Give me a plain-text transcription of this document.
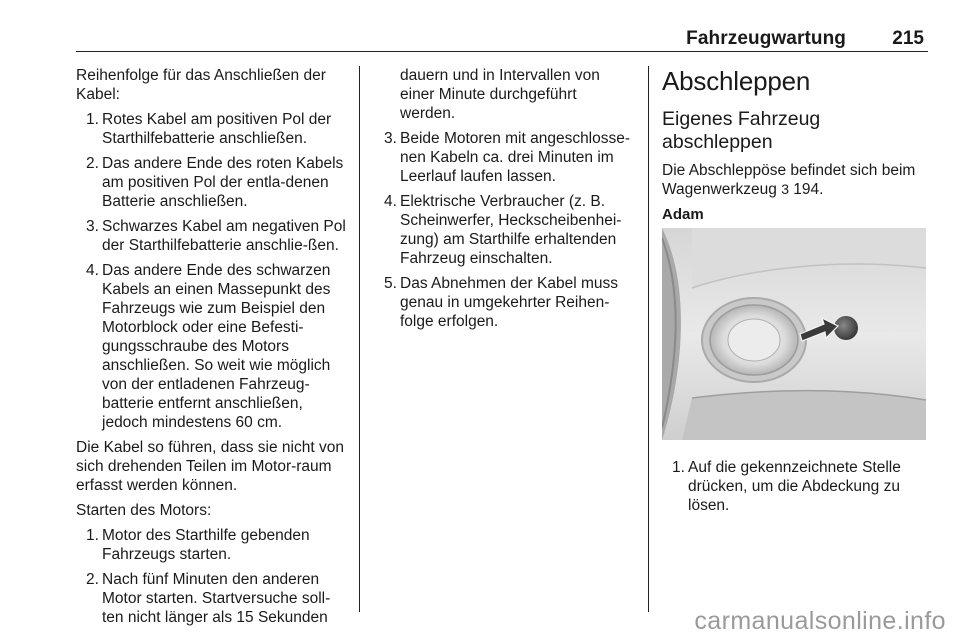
Fahrzeugwartung 215

Reihenfolge für das Anschließen der Kabel:

1. Rotes Kabel am positiven Pol der Starthilfebatterie anschließen.
2. Das andere Ende des roten Kabels am positiven Pol der entla-denen Batterie anschließen.
3. Schwarzes Kabel am negativen Pol der Starthilfebatterie anschlie-ßen.
4. Das andere Ende des schwarzen Kabels an einen Massepunkt des Fahrzeugs wie zum Beispiel den Motorblock oder eine Befesti-gungsschraube des Motors anschließen. So weit wie möglich von der entladenen Fahrzeug-batterie entfernt anschließen, jedoch mindestens 60 cm.

Die Kabel so führen, dass sie nicht von sich drehenden Teilen im Motor-raum erfasst werden können.

Starten des Motors:

1. Motor des Starthilfe gebenden Fahrzeugs starten.
2. Nach fünf Minuten den anderen Motor starten. Startversuche soll-ten nicht länger als 15 Sekunden
dauern und in Intervallen von einer Minute durchgeführt werden.
3. Beide Motoren mit angeschlosse-nen Kabeln ca. drei Minuten im Leerlauf laufen lassen.
4. Elektrische Verbraucher (z. B. Scheinwerfer, Heckscheibenhei-zung) am Starthilfe erhaltenden Fahrzeug einschalten.
5. Das Abnehmen der Kabel muss genau in umgekehrter Reihen-folge erfolgen.
Abschleppen
Eigenes Fahrzeug abschleppen

Die Abschleppöse befindet sich beim Wagenwerkzeug 3 194.

Adam
1. Auf die gekennzeichnete Stelle drücken, um die Abdeckung zu lösen.
carmanualsonline.info
